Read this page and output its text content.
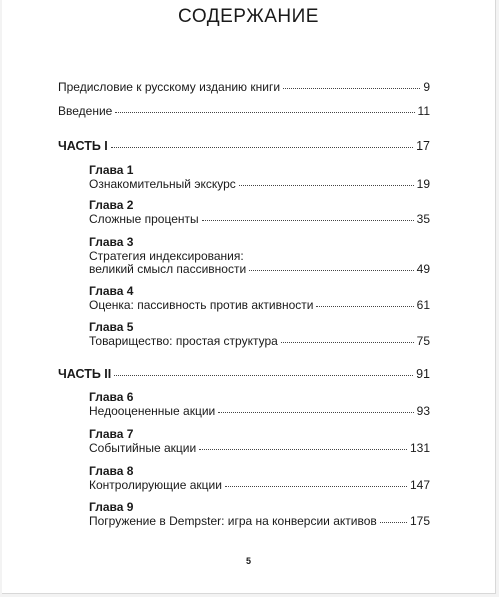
СОДЕРЖАНИЕ
Предисловие к русскому изданию книги	9
Введение	11
ЧАСТЬ I	17
Глава 1
Ознакомительный экскурс	19
Глава 2
Сложные проценты	35
Глава 3
Стратегия индексирования:
великий смысл пассивности	49
Глава 4
Оценка: пассивность против активности	61
Глава 5
Товарищество: простая структура	75
ЧАСТЬ II	91
Глава 6
Недооцененные акции	93
Глава 7
Событийные акции	131
Глава 8
Контролирующие акции	147
Глава 9
Погружение в Dempster: игра на конверсии активов	175
5
